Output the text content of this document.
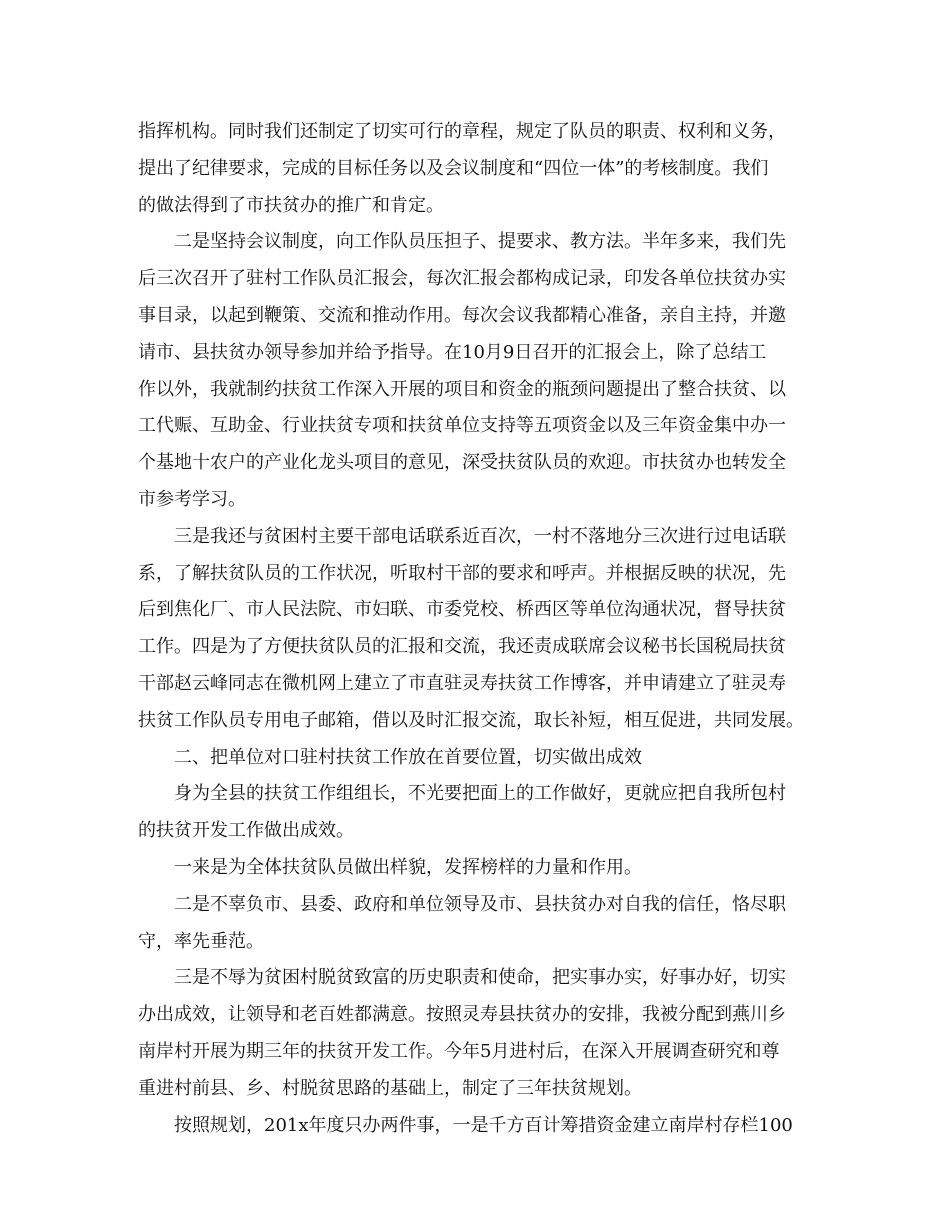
指挥机构。同时我们还制定了切实可行的章程，规定了队员的职责、权利和义务，
提出了纪律要求，完成的目标任务以及会议制度和“四位一体”的考核制度。我们
的做法得到了市扶贫办的推广和肯定。
二是坚持会议制度，向工作队员压担子、提要求、教方法。半年多来，我们先
后三次召开了驻村工作队员汇报会，每次汇报会都构成记录，印发各单位扶贫办实
事目录，以起到鞭策、交流和推动作用。每次会议我都精心准备，亲自主持，并邀
请市、县扶贫办领导参加并给予指导。在10月9日召开的汇报会上，除了总结工
作以外，我就制约扶贫工作深入开展的项目和资金的瓶颈问题提出了整合扶贫、以
工代赈、互助金、行业扶贫专项和扶贫单位支持等五项资金以及三年资金集中办一
个基地十农户的产业化龙头项目的意见，深受扶贫队员的欢迎。市扶贫办也转发全
市参考学习。
三是我还与贫困村主要干部电话联系近百次，一村不落地分三次进行过电话联
系，了解扶贫队员的工作状况，听取村干部的要求和呼声。并根据反映的状况，先
后到焦化厂、市人民法院、市妇联、市委党校、桥西区等单位沟通状况，督导扶贫
工作。四是为了方便扶贫队员的汇报和交流，我还责成联席会议秘书长国税局扶贫
干部赵云峰同志在微机网上建立了市直驻灵寿扶贫工作博客，并申请建立了驻灵寿
扶贫工作队员专用电子邮箱，借以及时汇报交流，取长补短，相互促进，共同发展。
二、把单位对口驻村扶贫工作放在首要位置，切实做出成效
身为全县的扶贫工作组组长，不光要把面上的工作做好，更就应把自我所包村
的扶贫开发工作做出成效。
一来是为全体扶贫队员做出样貌，发挥榜样的力量和作用。
二是不辜负市、县委、政府和单位领导及市、县扶贫办对自我的信任，恪尽职
守，率先垂范。
三是不辱为贫困村脱贫致富的历史职责和使命，把实事办实，好事办好，切实
办出成效，让领导和老百姓都满意。按照灵寿县扶贫办的安排，我被分配到燕川乡
南岸村开展为期三年的扶贫开发工作。今年5月进村后，在深入开展调查研究和尊
重进村前县、乡、村脱贫思路的基础上，制定了三年扶贫规划。
按照规划，201x年度只办两件事，一是千方百计筹措资金建立南岸村存栏100
